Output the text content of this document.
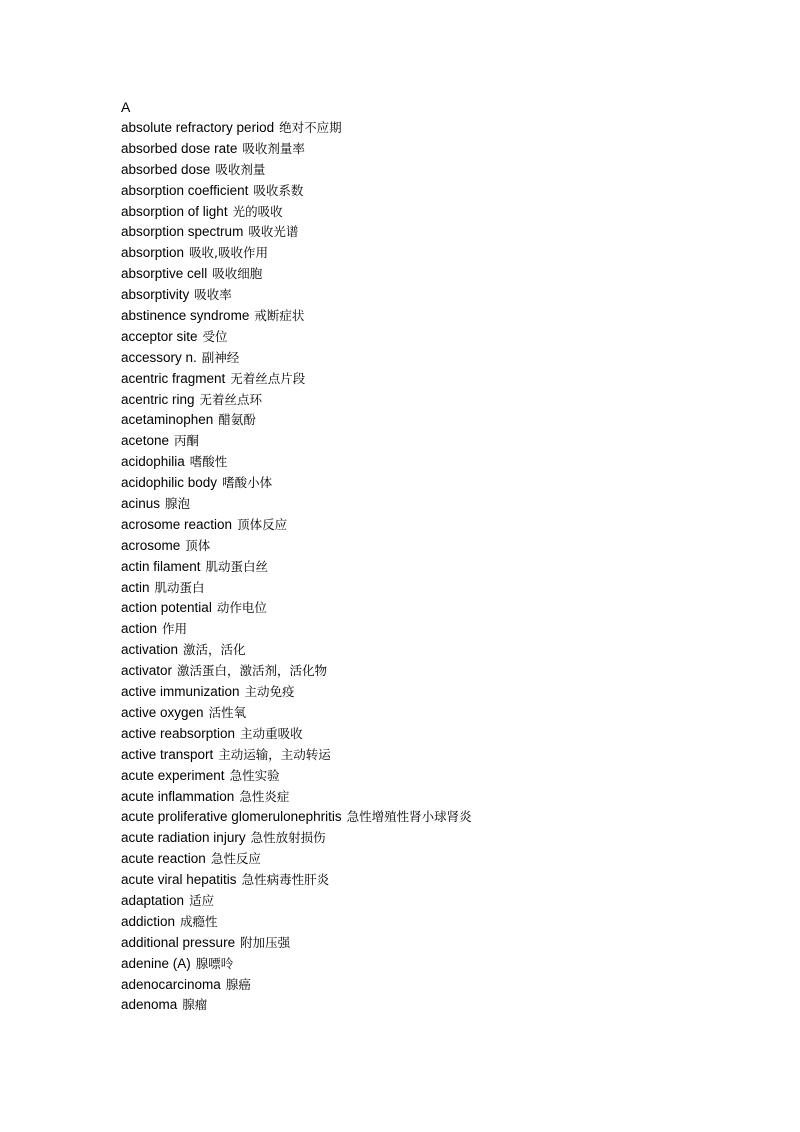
A
absolute refractory period 绝对不应期
absorbed dose rate 吸收剂量率
absorbed dose 吸收剂量
absorption coefficient 吸收系数
absorption of light 光的吸收
absorption spectrum 吸收光谱
absorption 吸收,吸收作用
absorptive cell 吸收细胞
absorptivity 吸收率
abstinence syndrome 戒断症状
acceptor site 受位
accessory n. 副神经
acentric fragment 无着丝点片段
acentric ring 无着丝点环
acetaminophen 醋氨酚
acetone 丙酮
acidophilia 嗜酸性
acidophilic body 嗜酸小体
acinus 腺泡
acrosome reaction 顶体反应
acrosome 顶体
actin filament 肌动蛋白丝
actin 肌动蛋白
action potential 动作电位
action 作用
activation 激活，活化
activator 激活蛋白，激活剂，活化物
active immunization 主动免疫
active oxygen 活性氧
active reabsorption 主动重吸收
active transport 主动运输，主动转运
acute experiment 急性实验
acute inflammation 急性炎症
acute proliferative glomerulonephritis 急性增殖性肾小球肾炎
acute radiation injury 急性放射损伤
acute reaction 急性反应
acute viral hepatitis 急性病毒性肝炎
adaptation 适应
addiction 成瘾性
additional pressure 附加压强
adenine (A) 腺嘌呤
adenocarcinoma 腺癌
adenoma 腺瘤
